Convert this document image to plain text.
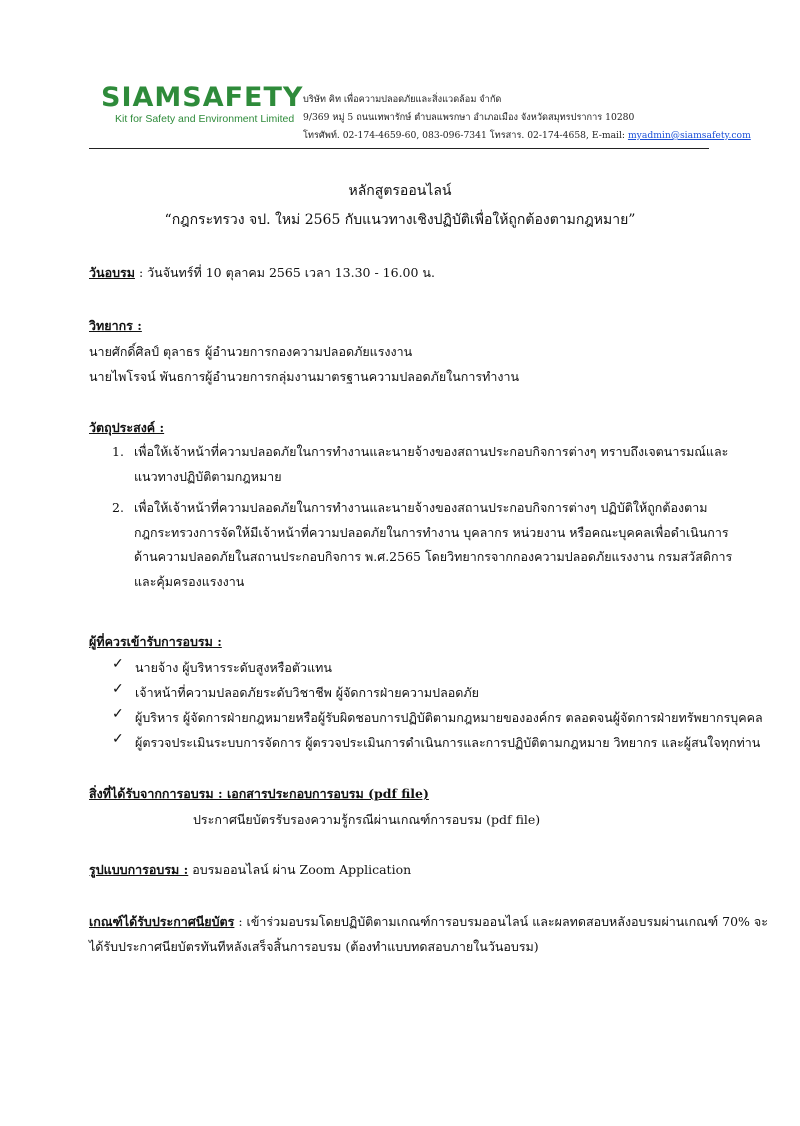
SIAMSAFETY
Kit for Safety and Environment Limited
บริษัท คิท เพื่อความปลอดภัยและสิ่งแวดล้อม จำกัด
9/369 หมู่ 5 ถนนเทพารักษ์ ตำบลแพรกษา อำเภอเมือง จังหวัดสมุทรปราการ 10280
โทรศัพท์. 02-174-4659-60, 083-096-7341 โทรสาร. 02-174-4658, E-mail: myadmin@siamsafety.com
หลักสูตรออนไลน์
“กฎกระทรวง จป. ใหม่ 2565 กับแนวทางเชิงปฏิบัติเพื่อให้ถูกต้องตามกฎหมาย”
วันอบรม : วันจันทร์ที่ 10 ตุลาคม 2565 เวลา 13.30 - 16.00 น.
วิทยากร :
นายศักดิ์ศิลป์ ตุลาธร ผู้อำนวยการกองความปลอดภัยแรงงาน
นายไพโรจน์ พันธการ ผู้อำนวยการกลุ่มงานมาตรฐานความปลอดภัยในการทำงาน
วัตถุประสงค์ :
1. เพื่อให้เจ้าหน้าที่ความปลอดภัยในการทำงานและนายจ้างของสถานประกอบกิจการต่างๆ ทราบถึงเจตนารมณ์และ
แนวทางปฏิบัติตามกฎหมาย
2. เพื่อให้เจ้าหน้าที่ความปลอดภัยในการทำงานและนายจ้างของสถานประกอบกิจการต่างๆ ปฏิบัติให้ถูกต้องตาม
กฎกระทรวงการจัดให้มีเจ้าหน้าที่ความปลอดภัยในการทำงาน บุคลากร หน่วยงาน หรือคณะบุคคลเพื่อดำเนินการ
ด้านความปลอดภัยในสถานประกอบกิจการ พ.ศ.2565 โดยวิทยากรจากกองความปลอดภัยแรงงาน กรมสวัสดิการ
และคุ้มครองแรงงาน
ผู้ที่ควรเข้ารับการอบรม :
✓ นายจ้าง ผู้บริหารระดับสูงหรือตัวแทน
✓ เจ้าหน้าที่ความปลอดภัยระดับวิชาชีพ ผู้จัดการฝ่ายความปลอดภัย
✓ ผู้บริหาร ผู้จัดการฝ่ายกฎหมายหรือผู้รับผิดชอบการปฏิบัติตามกฎหมายขององค์กร ตลอดจนผู้จัดการฝ่ายทรัพยากรบุคคล
✓ ผู้ตรวจประเมินระบบการจัดการ ผู้ตรวจประเมินการดำเนินการและการปฏิบัติตามกฎหมาย วิทยากร และผู้สนใจทุกท่าน
สิ่งที่ได้รับจากการอบรม : เอกสารประกอบการอบรม (pdf file)
ประกาศนียบัตรรับรองความรู้กรณีผ่านเกณฑ์การอบรม (pdf file)
รูปแบบการอบรม : อบรมออนไลน์ ผ่าน Zoom Application
เกณฑ์ได้รับประกาศนียบัตร : เข้าร่วมอบรมโดยปฏิบัติตามเกณฑ์การอบรมออนไลน์ และผลทดสอบหลังอบรมผ่านเกณฑ์ 70% จะ
ได้รับประกาศนียบัตรทันทีหลังเสร็จสิ้นการอบรม (ต้องทำแบบทดสอบภายในวันอบรม)
